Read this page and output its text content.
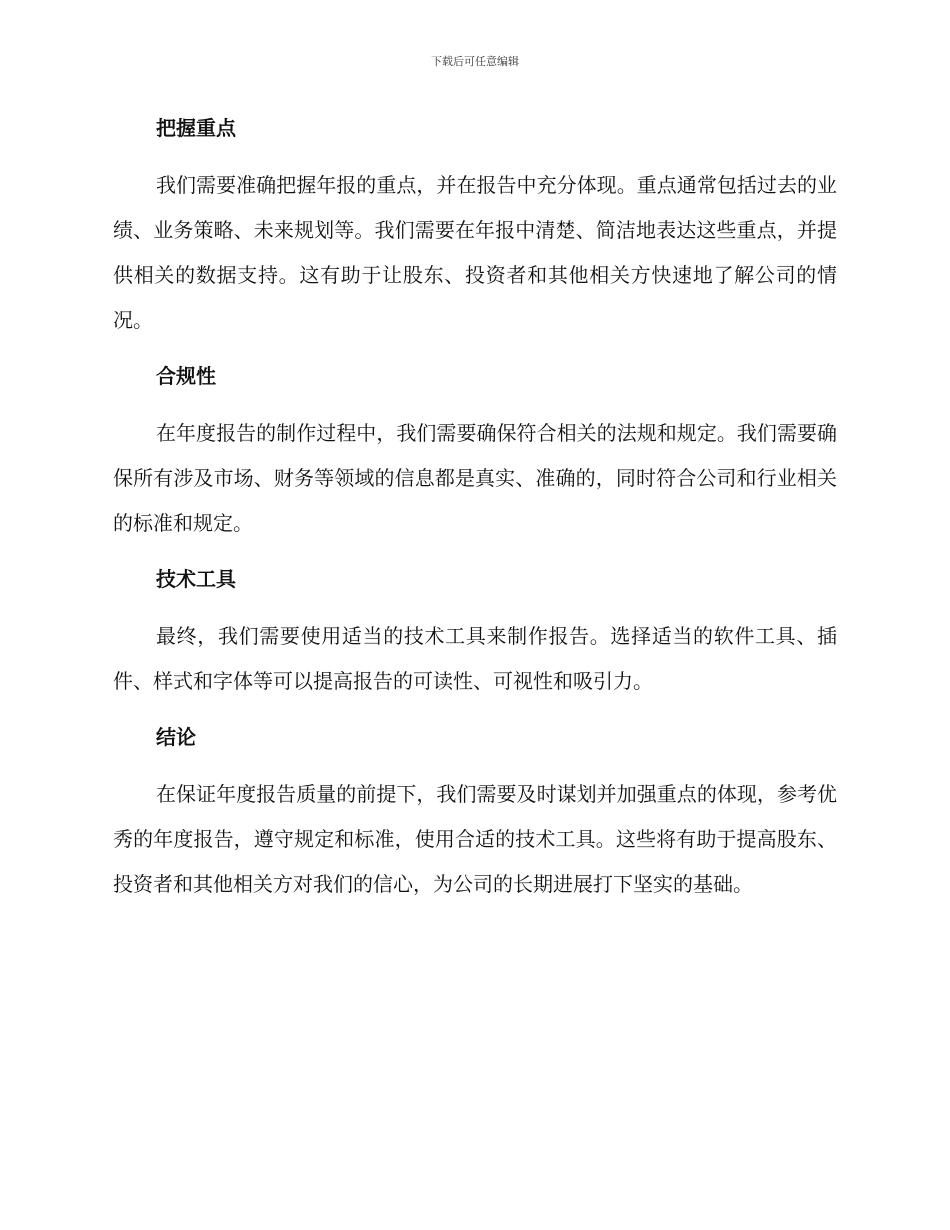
下载后可任意编辑
把握重点

我们需要准确把握年报的重点，并在报告中充分体现。重点通常包括过去的业绩、业务策略、未来规划等。我们需要在年报中清楚、简洁地表达这些重点，并提供相关的数据支持。这有助于让股东、投资者和其他相关方快速地了解公司的情况。

合规性

在年度报告的制作过程中，我们需要确保符合相关的法规和规定。我们需要确保所有涉及市场、财务等领域的信息都是真实、准确的，同时符合公司和行业相关的标准和规定。

技术工具

最终，我们需要使用适当的技术工具来制作报告。选择适当的软件工具、插件、样式和字体等可以提高报告的可读性、可视性和吸引力。

结论

在保证年度报告质量的前提下，我们需要及时谋划并加强重点的体现，参考优秀的年度报告，遵守规定和标准，使用合适的技术工具。这些将有助于提高股东、投资者和其他相关方对我们的信心，为公司的长期进展打下坚实的基础。
